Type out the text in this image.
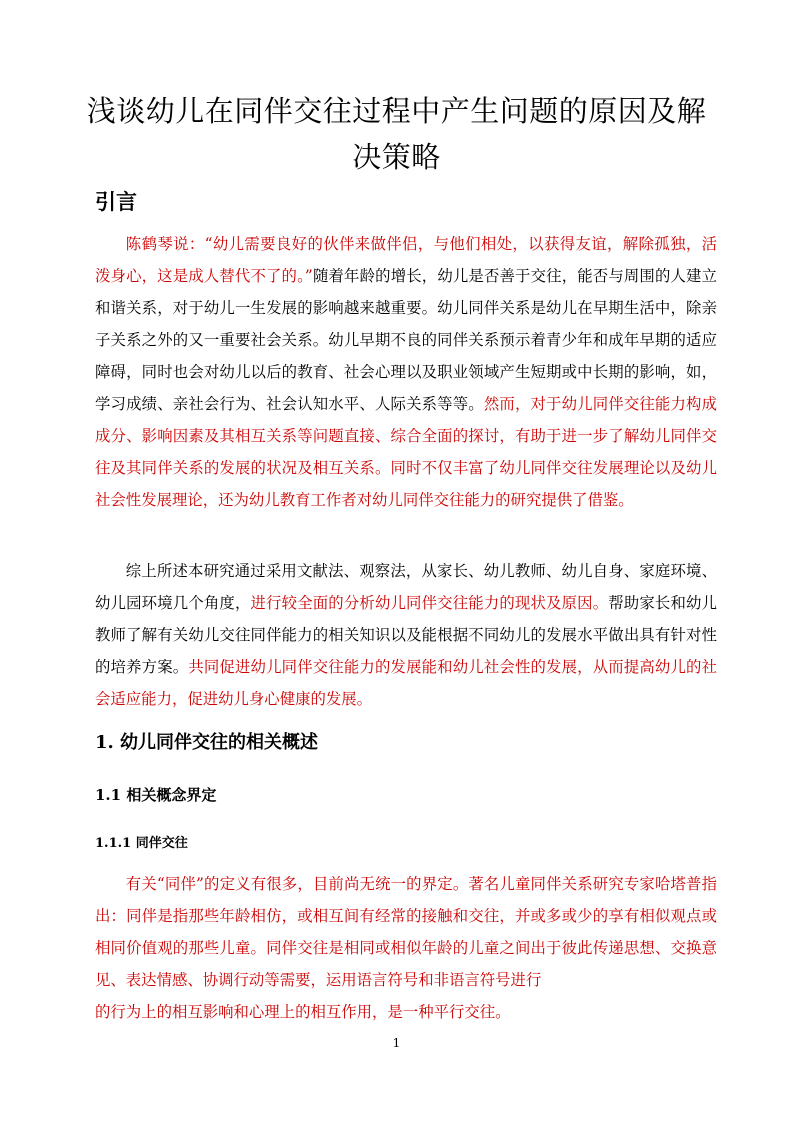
浅谈幼儿在同伴交往过程中产生问题的原因及解
决策略
引言

陈鹤琴说：“幼儿需要良好的伙伴来做伴侣，与他们相处，以获得友谊，解除孤独，活泼身心，这是成人替代不了的。”随着年龄的增长，幼儿是否善于交往，能否与周围的人建立和谐关系，对于幼儿一生发展的影响越来越重要。幼儿同伴关系是幼儿在早期生活中，除亲子关系之外的又一重要社会关系。幼儿早期不良的同伴关系预示着青少年和成年早期的适应障碍，同时也会对幼儿以后的教育、社会心理以及职业领域产生短期或中长期的影响，如，学习成绩、亲社会行为、社会认知水平、人际关系等等。然而，对于幼儿同伴交往能力构成成分、影响因素及其相互关系等问题直接、综合全面的探讨，有助于进一步了解幼儿同伴交往及其同伴关系的发展的状况及相互关系。同时不仅丰富了幼儿同伴交往发展理论以及幼儿社会性发展理论，还为幼儿教育工作者对幼儿同伴交往能力的研究提供了借鉴。

综上所述本研究通过采用文献法、观察法，从家长、幼儿教师、幼儿自身、家庭环境、幼儿园环境几个角度，进行较全面的分析幼儿同伴交往能力的现状及原因。帮助家长和幼儿教师了解有关幼儿交往同伴能力的相关知识以及能根据不同幼儿的发展水平做出具有针对性的培养方案。共同促进幼儿同伴交往能力的发展能和幼儿社会性的发展，从而提高幼儿的社会适应能力，促进幼儿身心健康的发展。

1. 幼儿同伴交往的相关概述
1.1 相关概念界定
1.1.1 同伴交往

有关“同伴”的定义有很多，目前尚无统一的界定。著名儿童同伴关系研究专家哈塔普指出：同伴是指那些年龄相仿，或相互间有经常的接触和交往，并或多或少的享有相似观点或相同价值观的那些儿童。同伴交往是相同或相似年龄的儿童之间出于彼此传递思想、交换意见、表达情感、协调行动等需要，运用语言符号和非语言符号进行

的行为上的相互影响和心理上的相互作用，是一种平行交往。

1
